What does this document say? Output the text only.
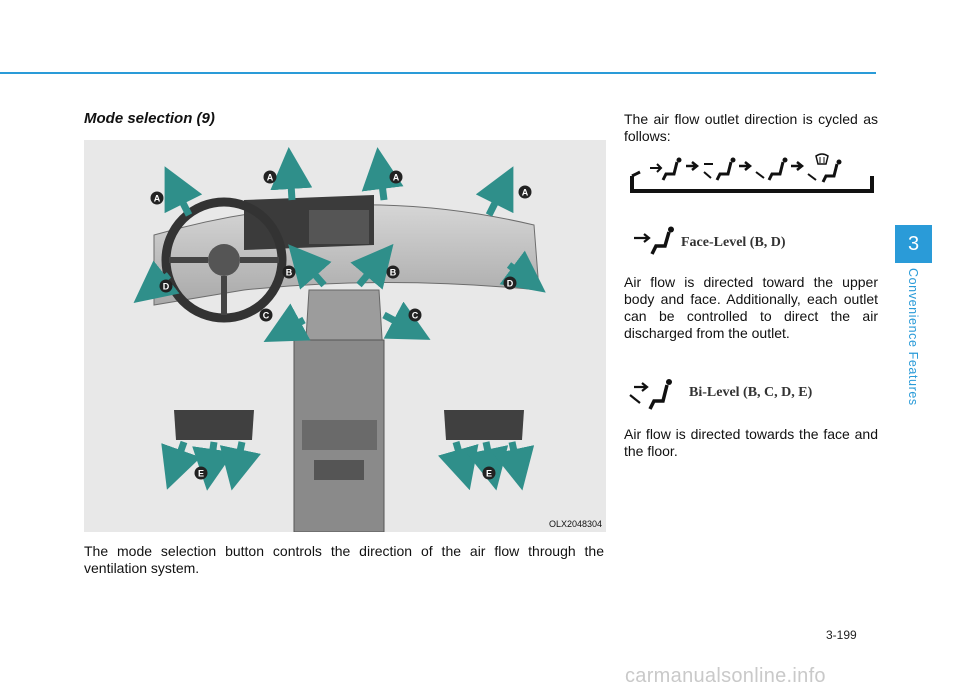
Mode selection (9)
A
A	A
A
B	B
C	C
D	D
E	E
OLX2048304
The mode selection button controls the direction of the air flow through the ventilation system.
The air flow outlet direction is cycled as follows:
Face-Level (B, D)
Air flow is directed toward the upper body and face. Additionally, each outlet can be controlled to direct the air discharged from the outlet.
Bi-Level (B, C, D, E)
Air flow is directed towards the face and the floor.
3
Convenience Features
3-199
carmanualsonline.info
